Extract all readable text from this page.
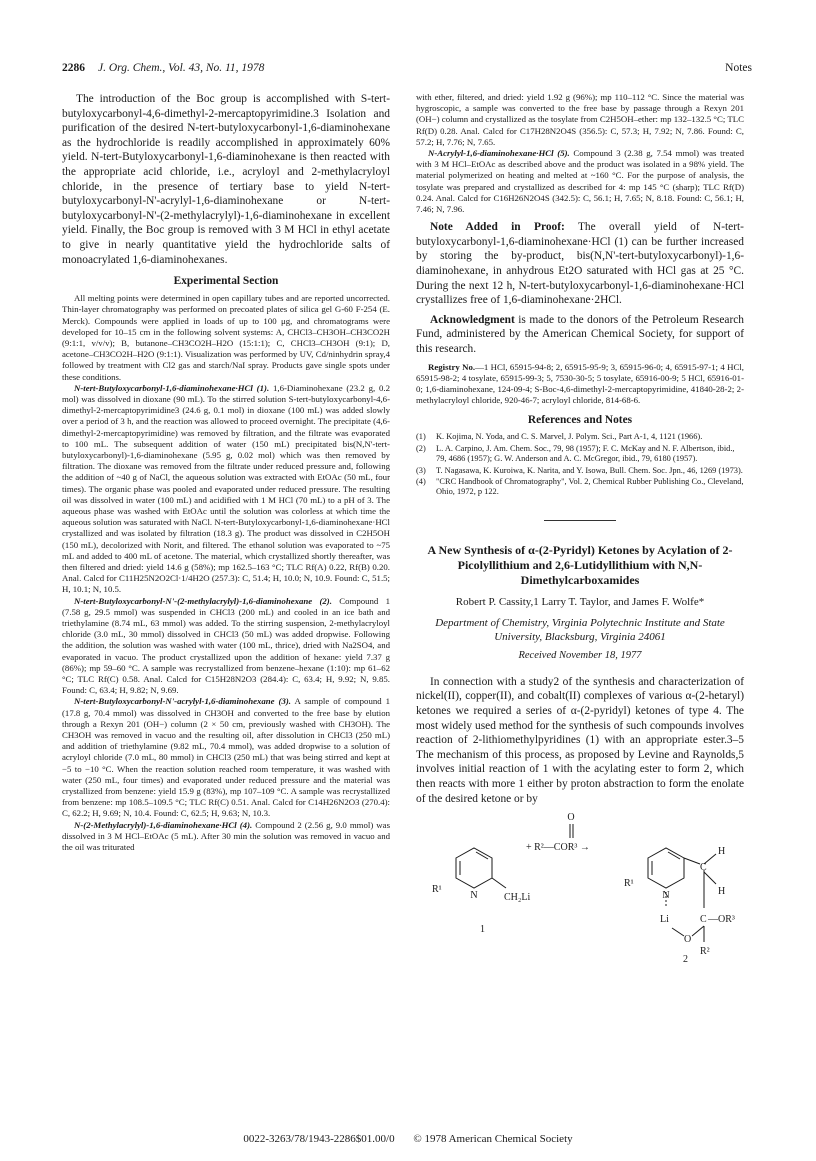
2286 J. Org. Chem., Vol. 43, No. 11, 1978	Notes

The introduction of the Boc group is accomplished with S-tert-butyloxycarbonyl-4,6-dimethyl-2-mercaptopyrimidine.3 Isolation and purification of the desired N-tert-butyloxycarbonyl-1,6-diaminohexane as the hydrochloride is readily accomplished in approximately 60% yield. N-tert-Butyloxycarbonyl-1,6-diaminohexane is then reacted with the appropriate acid chloride, i.e., acryloyl and 2-methylacryloyl chloride, in the presence of tertiary base to yield N-tert-butyloxycarbonyl-N'-acrylyl-1,6-diaminohexane or N-tert-butyloxycarbonyl-N'-(2-methylacrylyl)-1,6-diaminohexane in excellent yield. Finally, the Boc group is removed with 3 M HCl in ethyl acetate to give in nearly quantitative yield the hydrochloride salts of monoacrylated 1,6-diaminohexanes.

Experimental Section

All melting points were determined in open capillary tubes and are reported uncorrected. Thin-layer chromatography was performed on precoated plates of silica gel G-60 F-254 (E. Merck). Compounds were applied in loads of up to 100 μg, and chromatograms were developed for 10–15 cm in the following solvent systems: A, CHCl3–CH3OH–CH3CO2H (9:1:1, v/v/v); B, butanone–CH3CO2H–H2O (15:1:1); C, CHCl3–CH3OH (9:1); D, acetone–CH3CO2H–H2O (9:1:1). Visualization was performed by UV, Cd/ninhydrin spray,4 followed by treatment with Cl2 gas and starch/NaI spray. Products gave single spots under these conditions.

N-tert-Butyloxycarbonyl-1,6-diaminohexane·HCl (1). 1,6-Diaminohexane (23.2 g, 0.2 mol) was dissolved in dioxane (90 mL). To the stirred solution S-tert-butyloxycarbonyl-4,6-dimethyl-2-mercaptopyrimidine3 (24.6 g, 0.1 mol) in dioxane (100 mL) was added slowly over a period of 3 h, and the reaction was allowed to proceed overnight. The precipitate (4,6-dimethyl-2-mercaptopyrimidine) was removed by filtration, and the filtrate was evaporated to 100 mL. The subsequent addition of water (150 mL) precipitated bis(N,N'-tert-butyloxycarbonyl)-1,6-diaminohexane (5.95 g, 0.02 mol) which was then removed by filtration. The dioxane was removed from the filtrate under reduced pressure and, following the addition of ~40 g of NaCl, the aqueous solution was extracted with EtOAc (50 mL, four times). The organic phase was pooled and evaporated under reduced pressure. The resulting oil was dissolved in water (100 mL) and acidified with 1 M HCl (70 mL) to a pH of 3. The aqueous phase was washed with EtOAc until the solution was colorless at which time the aqueous solution was saturated with NaCl. N-tert-Butyloxycarbonyl-1,6-diaminohexane·HCl crystallized and was isolated by filtration (18.3 g). The product was dissolved in C2H5OH (150 mL), decolorized with Norit, and filtered. The ethanol solution was evaporated to ~75 mL and added to 400 mL of acetone. The material, which crystallized shortly thereafter, was then filtered and dried: yield 14.6 g (58%); mp 162.5–163 °C; TLC Rf(A) 0.22, Rf(B) 0.20. Anal. Calcd for C11H25N2O2Cl·1/4H2O (257.3): C, 51.4; H, 10.0; N, 10.9. Found: C, 51.5; H, 10.1; N, 10.5.

N-tert-Butyloxycarbonyl-N'-(2-methylacrylyl)-1,6-diaminohexane (2). Compound 1 (7.58 g, 29.5 mmol) was suspended in CHCl3 (200 mL) and cooled in an ice bath and triethylamine (8.74 mL, 63 mmol) was added. To the stirring suspension, 2-methylacryloyl chloride (3.0 mL, 30 mmol) dissolved in CHCl3 (50 mL) was added dropwise. Following the addition, the solution was washed with water (100 mL, thrice), dried with Na2SO4, and evaporated in vacuo. The product crystallized upon the addition of hexane: yield 7.37 g (86%); mp 59–60 °C. A sample was recrystallized from benzene–hexane (1:10): mp 61–62 °C; TLC Rf(C) 0.58. Anal. Calcd for C15H28N2O3 (284.4): C, 63.4; H, 9.92; N, 9.85. Found: C, 63.4; H, 9.82; N, 9.69.

N-tert-Butyloxycarbonyl-N'-acrylyl-1,6-diaminohexane (3). A sample of compound 1 (17.8 g, 70.4 mmol) was dissolved in CH3OH and converted to the free base by elution through a Rexyn 201 (OH−) column (2 × 50 cm, previously washed with CH3OH). The CH3OH was removed in vacuo and the resulting oil, after dissolution in CHCl3 (250 mL) and addition of triethylamine (9.82 mL, 70.4 mmol), was added dropwise to a solution of acryloyl chloride (7.0 mL, 80 mmol) in CHCl3 (250 mL) that was being stirred and kept at −5 to −10 °C. When the reaction solution reached room temperature, it was washed with water (250 mL, four times) and evaporated under reduced pressure and the material was crystallized from benzene: yield 15.9 g (83%), mp 107–109 °C. A sample was recrystallized from benzene: mp 108.5–109.5 °C; TLC Rf(C) 0.51. Anal. Calcd for C14H26N2O3 (270.4): C, 62.2; H, 9.69; N, 10.4. Found: C, 62.5; H, 9.63; N, 10.3.

N-(2-Methylacrylyl)-1,6-diaminohexane·HCl (4). Compound 2 (2.56 g, 9.0 mmol) was dissolved in 3 M HCl–EtOAc (5 mL). After 30 min the solution was removed in vacuo and the oil was triturated

with ether, filtered, and dried: yield 1.92 g (96%); mp 110–112 °C. Since the material was hygroscopic, a sample was converted to the free base by passage through a Rexyn 201 (OH−) column and crystallized as the tosylate from C2H5OH–ether: mp 132–132.5 °C; TLC Rf(D) 0.28. Anal. Calcd for C17H28N2O4S (356.5): C, 57.3; H, 7.92; N, 7.86. Found: C, 57.2; H, 7.76; N, 7.65.

N-Acrylyl-1,6-diaminohexane·HCl (5). Compound 3 (2.38 g, 7.54 mmol) was treated with 3 M HCl–EtOAc as described above and the product was isolated in a 98% yield. The material polymerized on heating and melted at ~160 °C. For the purpose of analysis, the tosylate was prepared and crystallized as described for 4: mp 145 °C (sharp); TLC Rf(D) 0.24. Anal. Calcd for C16H26N2O4S (342.5): C, 56.1; H, 7.65; N, 8.18. Found: C, 56.1; H, 7.46; N, 7.96.

Note Added in Proof: The overall yield of N-tert-butyloxycarbonyl-1,6-diaminohexane·HCl (1) can be further increased by storing the by-product, bis(N,N'-tert-butyloxycarbonyl)-1,6-diaminohexane, in anhydrous Et2O saturated with HCl gas at 25 °C. During the next 12 h, N-tert-butyloxycarbonyl-1,6-diaminohexane·HCl crystallizes free of 1,6-diaminohexane·2HCl.

Acknowledgment is made to the donors of the Petroleum Research Fund, administered by the American Chemical Society, for support of this research.

Registry No.—1 HCl, 65915-94-8; 2, 65915-95-9; 3, 65915-96-0; 4, 65915-97-1; 4 HCl, 65915-98-2; 4 tosylate, 65915-99-3; 5, 7530-30-5; 5 tosylate, 65916-00-9; 5 HCl, 65916-01-0; 1,6-diaminohexane, 124-09-4; S-Boc-4,6-dimethyl-2-mercaptopyrimidine, 41840-28-2; 2-methylacryloyl chloride, 920-46-7; acryloyl chloride, 814-68-6.

References and Notes
(1)	K. Kojima, N. Yoda, and C. S. Marvel, J. Polym. Sci., Part A-1, 4, 1121 (1966).
(2)	L. A. Carpino, J. Am. Chem. Soc., 79, 98 (1957); F. C. McKay and N. F. Albertson, ibid., 79, 4686 (1957); G. W. Anderson and A. C. McGregor, ibid., 79, 6180 (1957).
(3)	T. Nagasawa, K. Kuroiwa, K. Narita, and Y. Isowa, Bull. Chem. Soc. Jpn., 46, 1269 (1973).
(4)	"CRC Handbook of Chromatography", Vol. 2, Chemical Rubber Publishing Co., Cleveland, Ohio, 1972, p 122.
A New Synthesis of α-(2-Pyridyl) Ketones by Acylation of 2-Picolyllithium and 2,6-Lutidyllithium with N,N-Dimethylcarboxamides
Robert P. Cassity,1 Larry T. Taylor, and James F. Wolfe*
Department of Chemistry, Virginia Polytechnic Institute and State University, Blacksburg, Virginia 24061
Received November 18, 1977

In connection with a study2 of the synthesis and characterization of nickel(II), copper(II), and cobalt(II) complexes of various α-(2-hetaryl) ketones we required a series of α-(2-pyridyl) ketones of type 4. The most widely used method for the synthesis of such compounds involves reaction of 2-lithiomethylpyridines (1) with an appropriate ester.3–5 The mechanism of this process, as proposed by Levine and Raynolds,5 involves initial reaction of 1 with the acylating ester to form 2, which then reacts with more 1 either by proton abstraction to form the enolate of the desired ketone or by

R¹
N	CH₂Li
1
O
+ R²—COR³ →
R¹
N
C
H
H
Li	C —OR³
O
R²
2
0022-3263/78/1943-2286$01.00/0 © 1978 American Chemical Society
